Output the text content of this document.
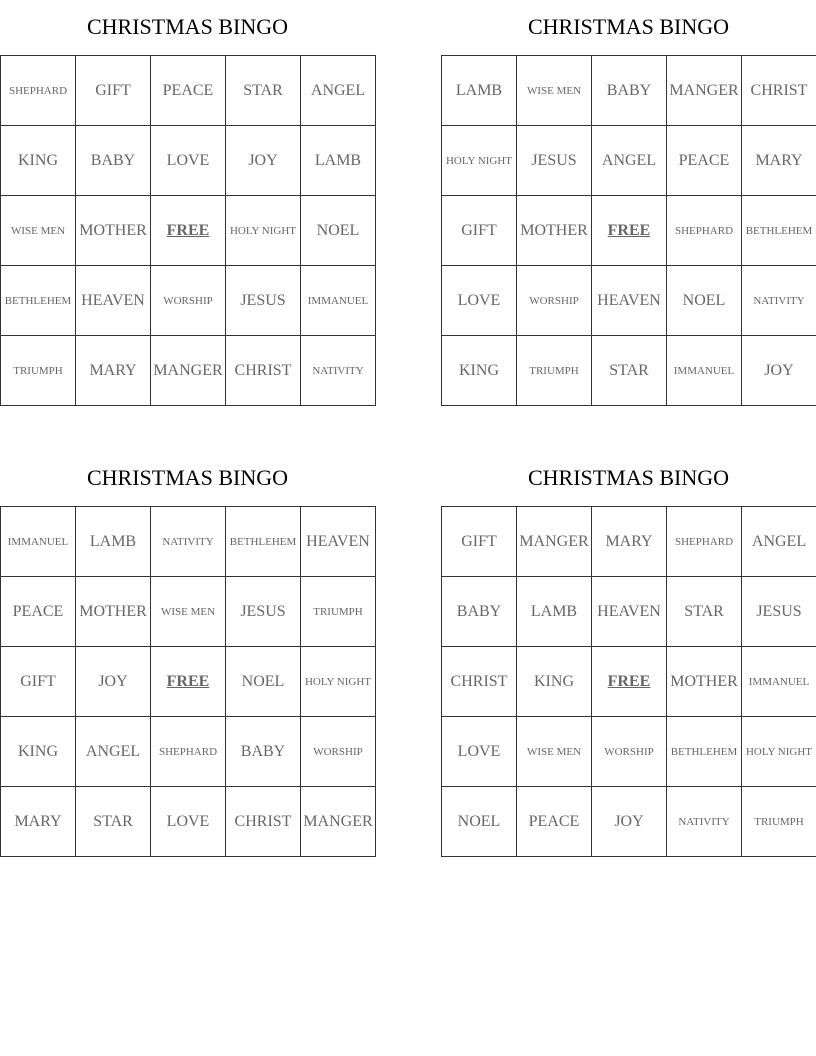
CHRISTMAS BINGO
SHEPHARD	GIFT	PEACE	STAR	ANGEL
KING	BABY	LOVE	JOY	LAMB
WISE MEN	MOTHER	FREE	HOLY NIGHT	NOEL
BETHLEHEM	HEAVEN	WORSHIP	JESUS	IMMANUEL
TRIUMPH	MARY	MANGER	CHRIST	NATIVITY
CHRISTMAS BINGO
LAMB	WISE MEN	BABY	MANGER	CHRIST
HOLY NIGHT	JESUS	ANGEL	PEACE	MARY
GIFT	MOTHER	FREE	SHEPHARD	BETHLEHEM
LOVE	WORSHIP	HEAVEN	NOEL	NATIVITY
KING	TRIUMPH	STAR	IMMANUEL	JOY
CHRISTMAS BINGO
IMMANUEL	LAMB	NATIVITY	BETHLEHEM	HEAVEN
PEACE	MOTHER	WISE MEN	JESUS	TRIUMPH
GIFT	JOY	FREE	NOEL	HOLY NIGHT
KING	ANGEL	SHEPHARD	BABY	WORSHIP
MARY	STAR	LOVE	CHRIST	MANGER
CHRISTMAS BINGO
GIFT	MANGER	MARY	SHEPHARD	ANGEL
BABY	LAMB	HEAVEN	STAR	JESUS
CHRIST	KING	FREE	MOTHER	IMMANUEL
LOVE	WISE MEN	WORSHIP	BETHLEHEM	HOLY NIGHT
NOEL	PEACE	JOY	NATIVITY	TRIUMPH
